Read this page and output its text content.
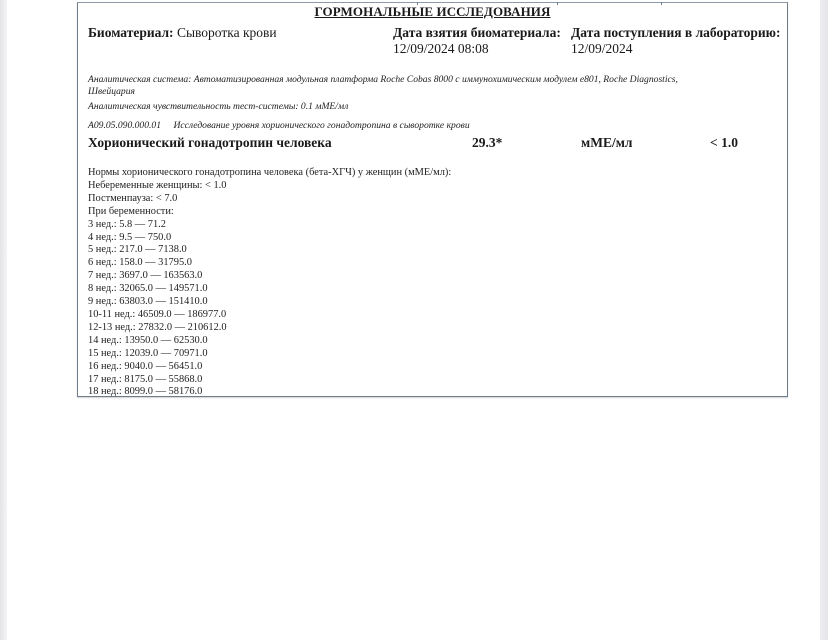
ГОРМОНАЛЬНЫЕ ИССЛЕДОВАНИЯ
Биоматериал: Сыворотка крови	Дата взятия биоматериала:
12/09/2024 08:08
Дата поступления в лабораторию:
12/09/2024
Аналитическая система: Автоматизированная модульная платформа Roche Cobas 8000 с иммунохимическим модулем e801, Roche Diagnostics,
Швейцария
Аналитическая чувствительность тест-системы: 0.1 мМЕ/мл
A09.05.090.000.01 Исследование уровня хорионического гонадотропина в сыворотке крови
Хорионический гонадотропин человека	29.3*	мМЕ/мл	< 1.0
Нормы хорионического гонадотропина человека (бета-ХГЧ) у женщин (мМЕ/мл):
Небеременные женщины: < 1.0
Постменпауза: < 7.0
При беременности:
3 нед.: 5.8 — 71.2
4 нед.: 9.5 — 750.0
5 нед.: 217.0 — 7138.0
6 нед.: 158.0 — 31795.0
7 нед.: 3697.0 — 163563.0
8 нед.: 32065.0 — 149571.0
9 нед.: 63803.0 — 151410.0
10-11 нед.: 46509.0 — 186977.0
12-13 нед.: 27832.0 — 210612.0
14 нед.: 13950.0 — 62530.0
15 нед.: 12039.0 — 70971.0
16 нед.: 9040.0 — 56451.0
17 нед.: 8175.0 — 55868.0
18 нед.: 8099.0 — 58176.0
